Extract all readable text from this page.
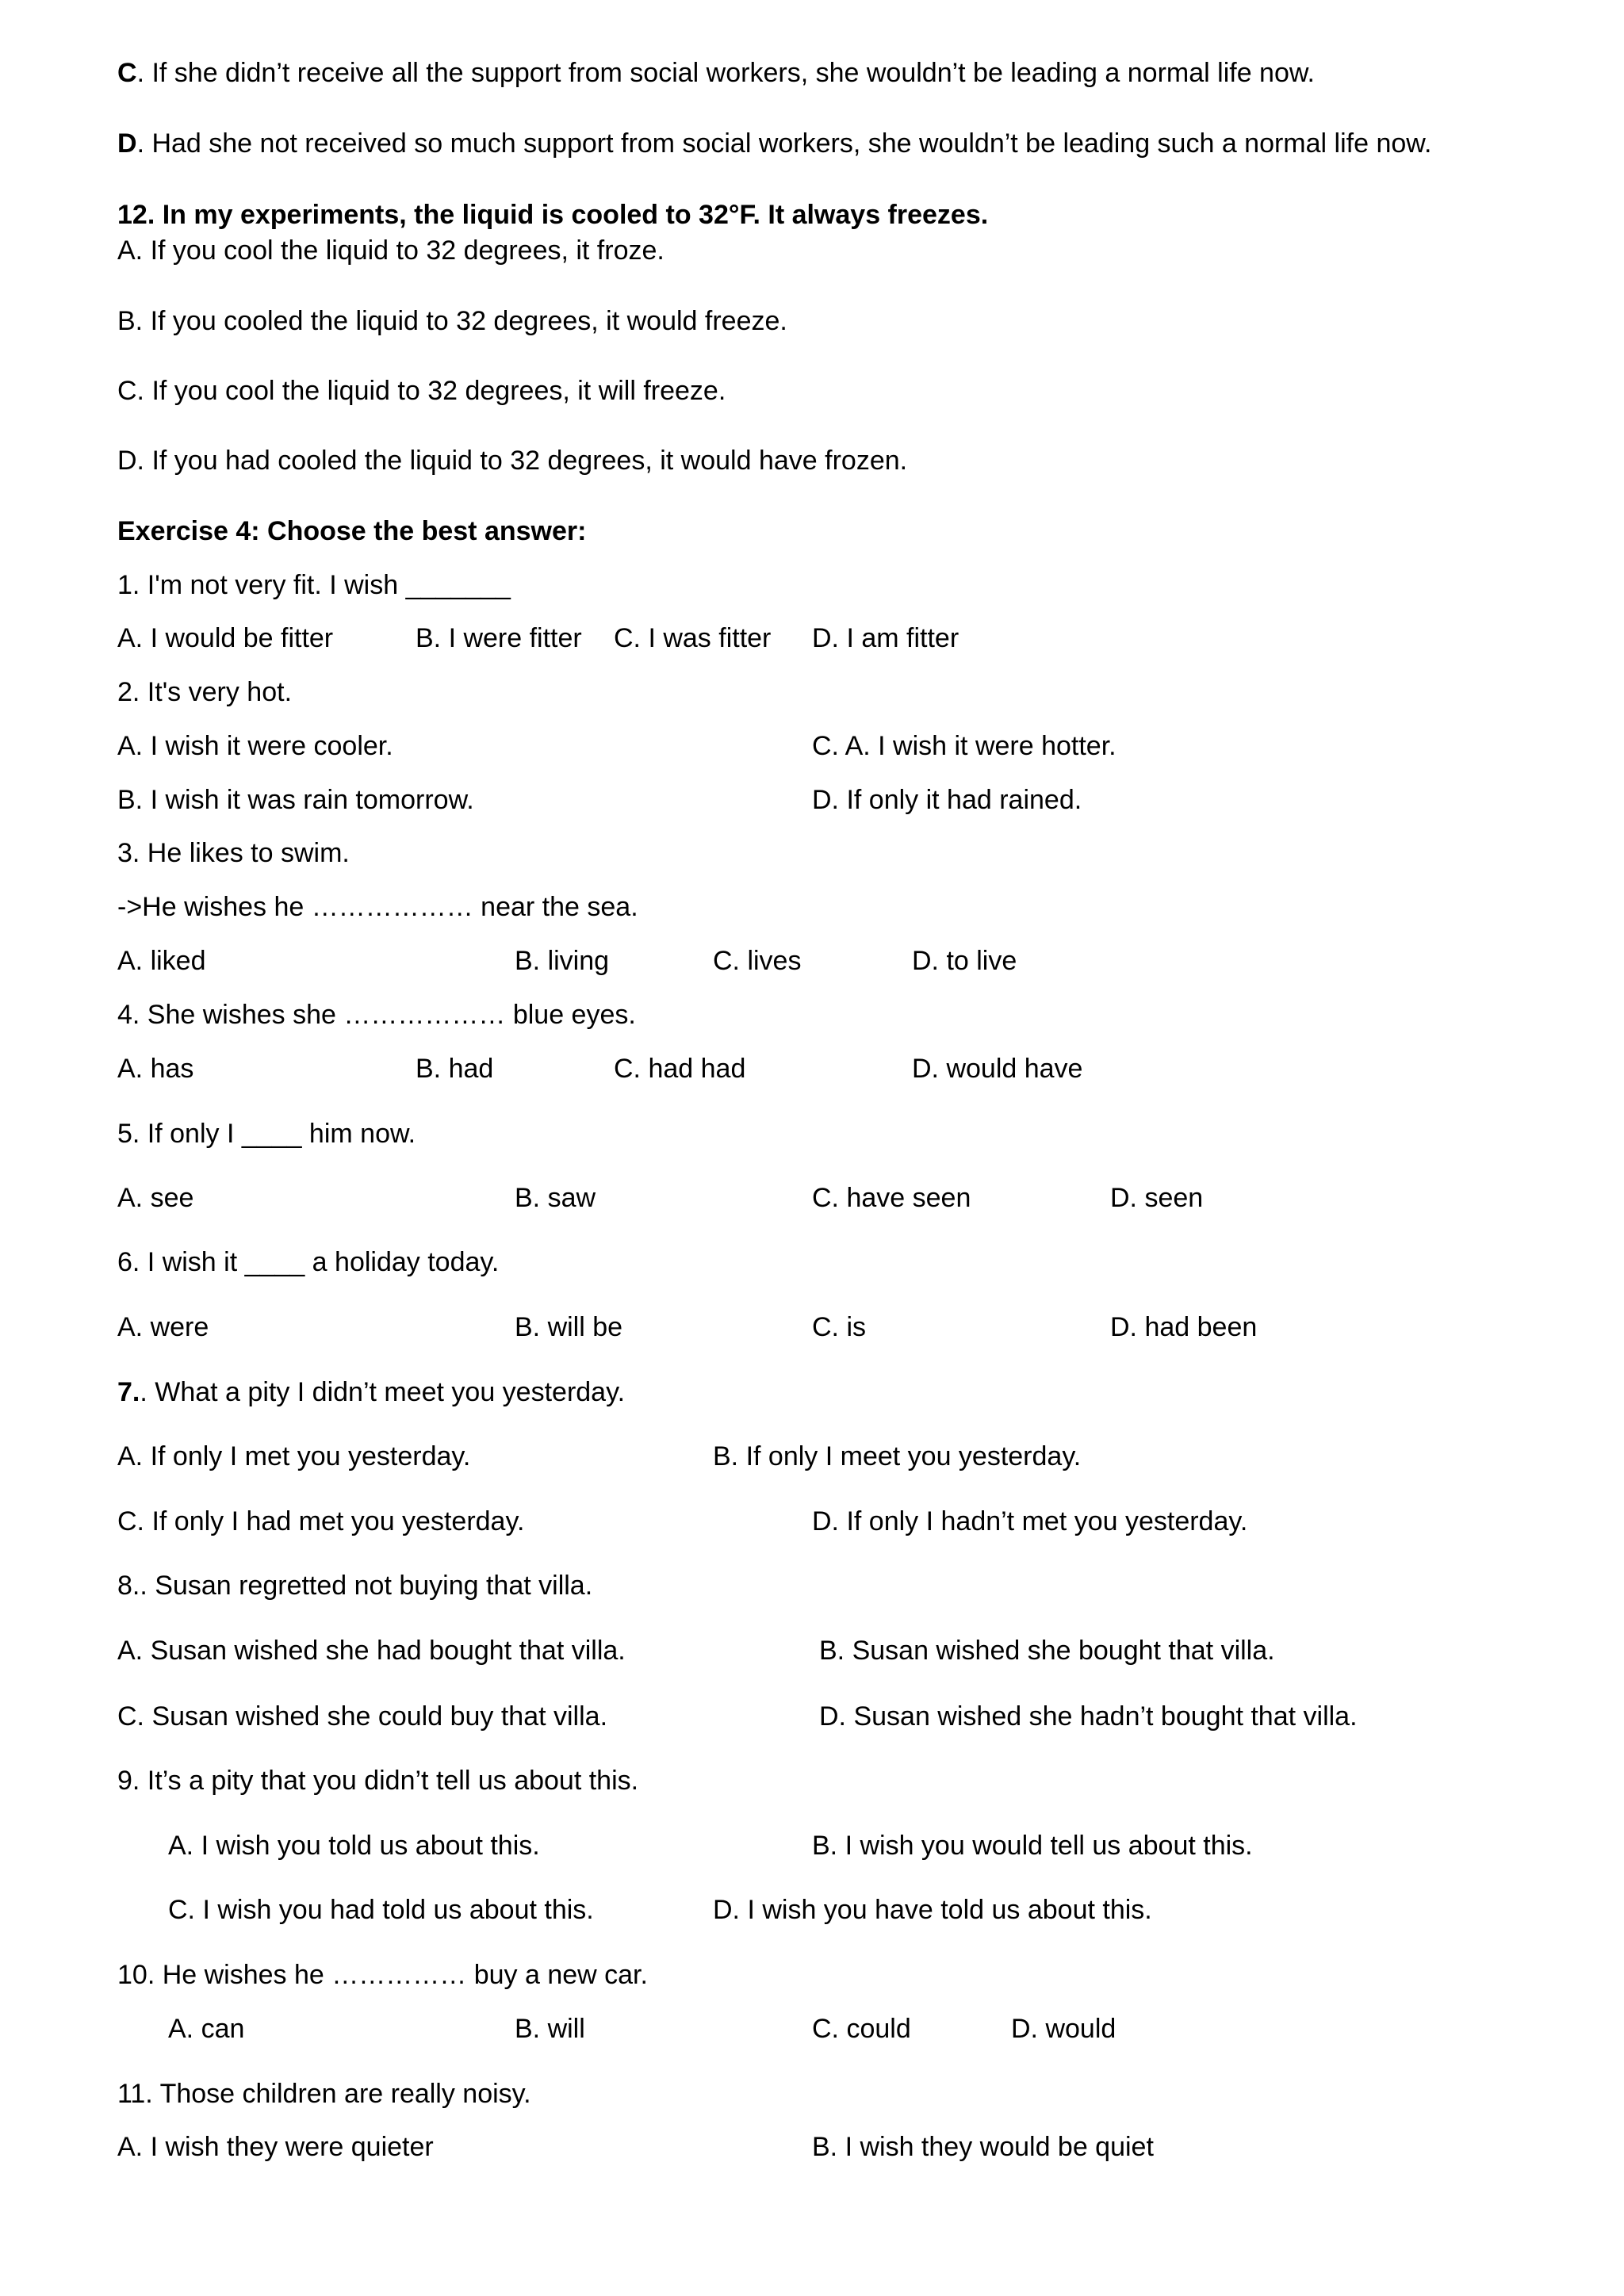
C. If she didn’t receive all the support from social workers, she wouldn’t be leading a normal life now.
D. Had she not received so much support from social workers, she wouldn’t be leading such a normal life now.
12. In my experiments, the liquid is cooled to 32°F. It always freezes.
A. If you cool the liquid to 32 degrees, it froze.
B. If you cooled the liquid to 32 degrees, it would freeze.
C. If you cool the liquid to 32 degrees, it will freeze.
D. If you had cooled the liquid to 32 degrees, it would have frozen.
Exercise 4: Choose the best answer:
1. I'm not very fit. I wish _______
A. I would be fitter	B. I were fitter C. I was fitter D. I am fitter
2. It's very hot.
A. I wish it were cooler.	C. A. I wish it were hotter.
B. I wish it was rain tomorrow.	D. If only it had rained.
3. He likes to swim.
->He wishes he ……………… near the sea.
A. liked	B. living	C. lives	D. to live
4. She wishes she ……………… blue eyes.
A. has	B. had	C. had had	D. would have
5. If only I ____ him now.
A. see	B. saw	C. have seen	D. seen
6. I wish it ____ a holiday today.
A. were	B. will be	C. is	D. had been
7.. What a pity I didn’t meet you yesterday.
A. If only I met you yesterday.	B. If only I meet you yesterday.
C. If only I had met you yesterday.	D. If only I hadn’t met you yesterday.
8.. Susan regretted not buying that villa.
A. Susan wished she had bought that villa.	B. Susan wished she bought that villa.
C. Susan wished she could buy that villa.	D. Susan wished she hadn’t bought that villa.
9. It’s a pity that you didn’t tell us about this.
A. I wish you told us about this.	B. I wish you would tell us about this.
C. I wish you had told us about this.	D. I wish you have told us about this.
10. He wishes he …………… buy a new car.
A. can	B. will	C. could	D. would
11. Those children are really noisy.
A. I wish they were quieter	B. I wish they would be quiet
